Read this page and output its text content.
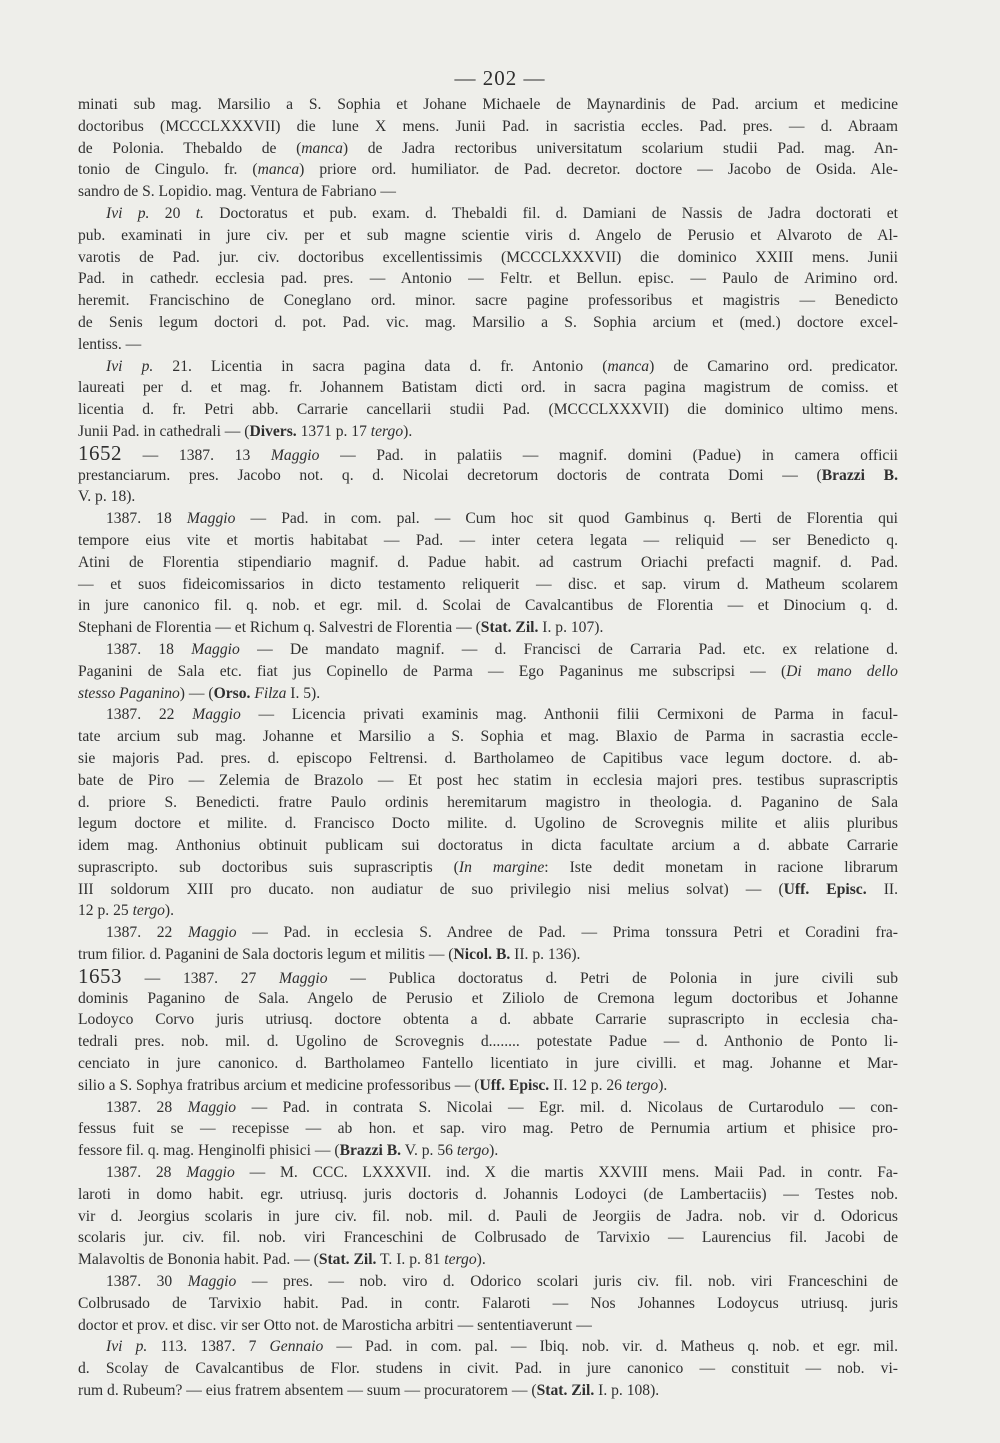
— 202 —
minati sub mag. Marsilio a S. Sophia et Johane Michaele de Maynardinis de Pad. arcium et medicine
doctoribus (MCCCLXXXVII) die lune X mens. Junii Pad. in sacristia eccles. Pad. pres. — d. Abraam
de Polonia. Thebaldo de (manca) de Jadra rectoribus universitatum scolarium studii Pad. mag. An-
tonio de Cingulo. fr. (manca) priore ord. humiliator. de Pad. decretor. doctore — Jacobo de Osida. Ale-
sandro de S. Lopidio. mag. Ventura de Fabriano —
Ivi p. 20 t. Doctoratus et pub. exam. d. Thebaldi fil. d. Damiani de Nassis de Jadra doctorati et
pub. examinati in jure civ. per et sub magne scientie viris d. Angelo de Perusio et Alvaroto de Al-
varotis de Pad. jur. civ. doctoribus excellentissimis (MCCCLXXXVII) die dominico XXIII mens. Junii
Pad. in cathedr. ecclesia pad. pres. — Antonio — Feltr. et Bellun. episc. — Paulo de Arimino ord.
heremit. Francischino de Coneglano ord. minor. sacre pagine professoribus et magistris — Benedicto
de Senis legum doctori d. pot. Pad. vic. mag. Marsilio a S. Sophia arcium et (med.) doctore excel-
lentiss. —
Ivi p. 21. Licentia in sacra pagina data d. fr. Antonio (manca) de Camarino ord. predicator.
laureati per d. et mag. fr. Johannem Batistam dicti ord. in sacra pagina magistrum de comiss. et
licentia d. fr. Petri abb. Carrarie cancellarii studii Pad. (MCCCLXXXVII) die dominico ultimo mens.
Junii Pad. in cathedrali — (Divers. 1371 p. 17 tergo).
1652 — 1387. 13 Maggio — Pad. in palatiis — magnif. domini (Padue) in camera officii
prestanciarum. pres. Jacobo not. q. d. Nicolai decretorum doctoris de contrata Domi — (Brazzi B.
V. p. 18).
1387. 18 Maggio — Pad. in com. pal. — Cum hoc sit quod Gambinus q. Berti de Florentia qui
tempore eius vite et mortis habitabat — Pad. — inter cetera legata — reliquid — ser Benedicto q.
Atini de Florentia stipendiario magnif. d. Padue habit. ad castrum Oriachi prefacti magnif. d. Pad.
— et suos fideicomissarios in dicto testamento reliquerit — disc. et sap. virum d. Matheum scolarem
in jure canonico fil. q. nob. et egr. mil. d. Scolai de Cavalcantibus de Florentia — et Dinocium q. d.
Stephani de Florentia — et Richum q. Salvestri de Florentia — (Stat. Zil. I. p. 107).
1387. 18 Maggio — De mandato magnif. — d. Francisci de Carraria Pad. etc. ex relatione d.
Paganini de Sala etc. fiat jus Copinello de Parma — Ego Paganinus me subscripsi — (Di mano dello
stesso Paganino) — (Orso. Filza I. 5).
1387. 22 Maggio — Licencia privati examinis mag. Anthonii filii Cermixoni de Parma in facul-
tate arcium sub mag. Johanne et Marsilio a S. Sophia et mag. Blaxio de Parma in sacrastia eccle-
sie majoris Pad. pres. d. episcopo Feltrensi. d. Bartholameo de Capitibus vace legum doctore. d. ab-
bate de Piro — Zelemia de Brazolo — Et post hec statim in ecclesia majori pres. testibus suprascriptis
d. priore S. Benedicti. fratre Paulo ordinis heremitarum magistro in theologia. d. Paganino de Sala
legum doctore et milite. d. Francisco Docto milite. d. Ugolino de Scrovegnis milite et aliis pluribus
idem mag. Anthonius obtinuit publicam sui doctoratus in dicta facultate arcium a d. abbate Carrarie
suprascripto. sub doctoribus suis suprascriptis (In margine: Iste dedit monetam in racione librarum
III soldorum XIII pro ducato. non audiatur de suo privilegio nisi melius solvat) — (Uff. Episc. II.
12 p. 25 tergo).
1387. 22 Maggio — Pad. in ecclesia S. Andree de Pad. — Prima tonssura Petri et Coradini fra-
trum filior. d. Paganini de Sala doctoris legum et militis — (Nicol. B. II. p. 136).
1653 — 1387. 27 Maggio — Publica doctoratus d. Petri de Polonia in jure civili sub
dominis Paganino de Sala. Angelo de Perusio et Ziliolo de Cremona legum doctoribus et Johanne
Lodoyco Corvo juris utriusq. doctore obtenta a d. abbate Carrarie suprascripto in ecclesia cha-
tedrali pres. nob. mil. d. Ugolino de Scrovegnis d........ potestate Padue — d. Anthonio de Ponto li-
cenciato in jure canonico. d. Bartholameo Fantello licentiato in jure civilli. et mag. Johanne et Mar-
silio a S. Sophya fratribus arcium et medicine professoribus — (Uff. Episc. II. 12 p. 26 tergo).
1387. 28 Maggio — Pad. in contrata S. Nicolai — Egr. mil. d. Nicolaus de Curtarodulo — con-
fessus fuit se — recepisse — ab hon. et sap. viro mag. Petro de Pernumia artium et phisice pro-
fessore fil. q. mag. Henginolfi phisici — (Brazzi B. V. p. 56 tergo).
1387. 28 Maggio — M. CCC. LXXXVII. ind. X die martis XXVIII mens. Maii Pad. in contr. Fa-
laroti in domo habit. egr. utriusq. juris doctoris d. Johannis Lodoyci (de Lambertaciis) — Testes nob.
vir d. Jeorgius scolaris in jure civ. fil. nob. mil. d. Pauli de Jeorgiis de Jadra. nob. vir d. Odoricus
scolaris jur. civ. fil. nob. viri Franceschini de Colbrusado de Tarvixio — Laurencius fil. Jacobi de
Malavoltis de Bononia habit. Pad. — (Stat. Zil. T. I. p. 81 tergo).
1387. 30 Maggio — pres. — nob. viro d. Odorico scolari juris civ. fil. nob. viri Franceschini de
Colbrusado de Tarvixio habit. Pad. in contr. Falaroti — Nos Johannes Lodoycus utriusq. juris
doctor et prov. et disc. vir ser Otto not. de Marosticha arbitri — sententiaverunt —
Ivi p. 113. 1387. 7 Gennaio — Pad. in com. pal. — Ibiq. nob. vir. d. Matheus q. nob. et egr. mil.
d. Scolay de Cavalcantibus de Flor. studens in civit. Pad. in jure canonico — constituit — nob. vi-
rum d. Rubeum? — eius fratrem absentem — suum — procuratorem — (Stat. Zil. I. p. 108).
